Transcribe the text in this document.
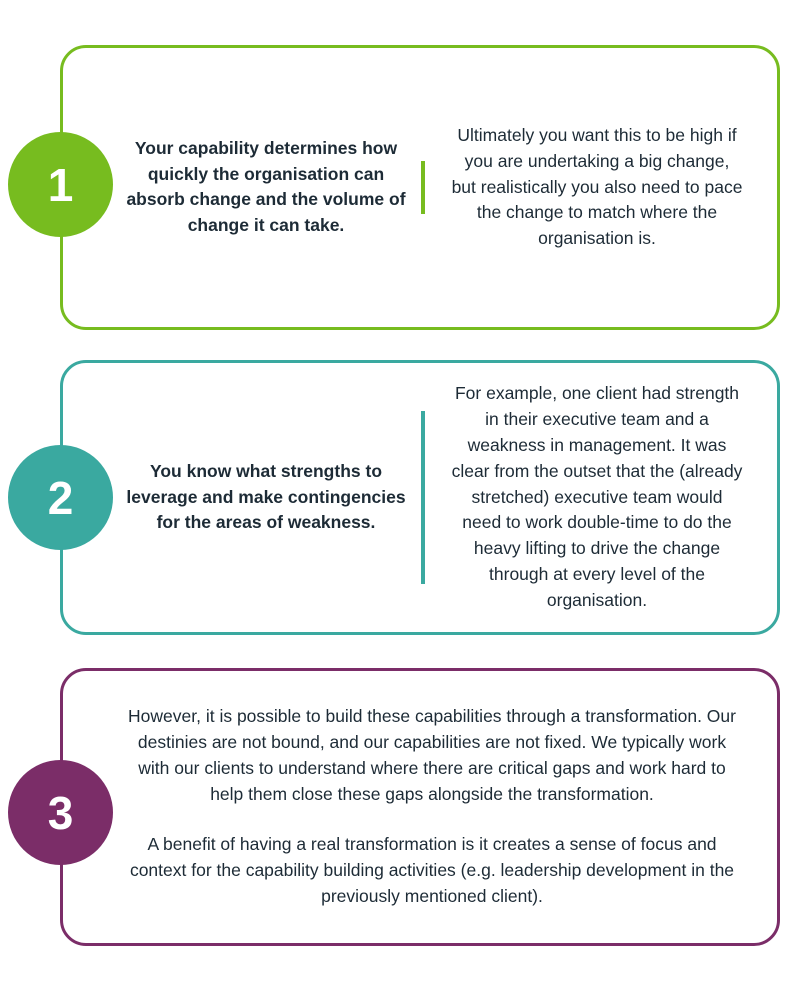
Your capability determines how quickly the organisation can absorb change and the volume of change it can take.
Ultimately you want this to be high if you are undertaking a big change, but realistically you also need to pace the change to match where the organisation is.
1
You know what strengths to leverage and make contingencies for the areas of weakness.
For example, one client had strength in their executive team and a weakness in management. It was clear from the outset that the (already stretched) executive team would need to work double-time to do the heavy lifting to drive the change through at every level of the organisation.
2
However, it is possible to build these capabilities through a transformation. Our destinies are not bound, and our capabilities are not fixed. We typically work with our clients to understand where there are critical gaps and work hard to help them close these gaps alongside the transformation.
A benefit of having a real transformation is it creates a sense of focus and context for the capability building activities (e.g. leadership development in the previously mentioned client).
3
